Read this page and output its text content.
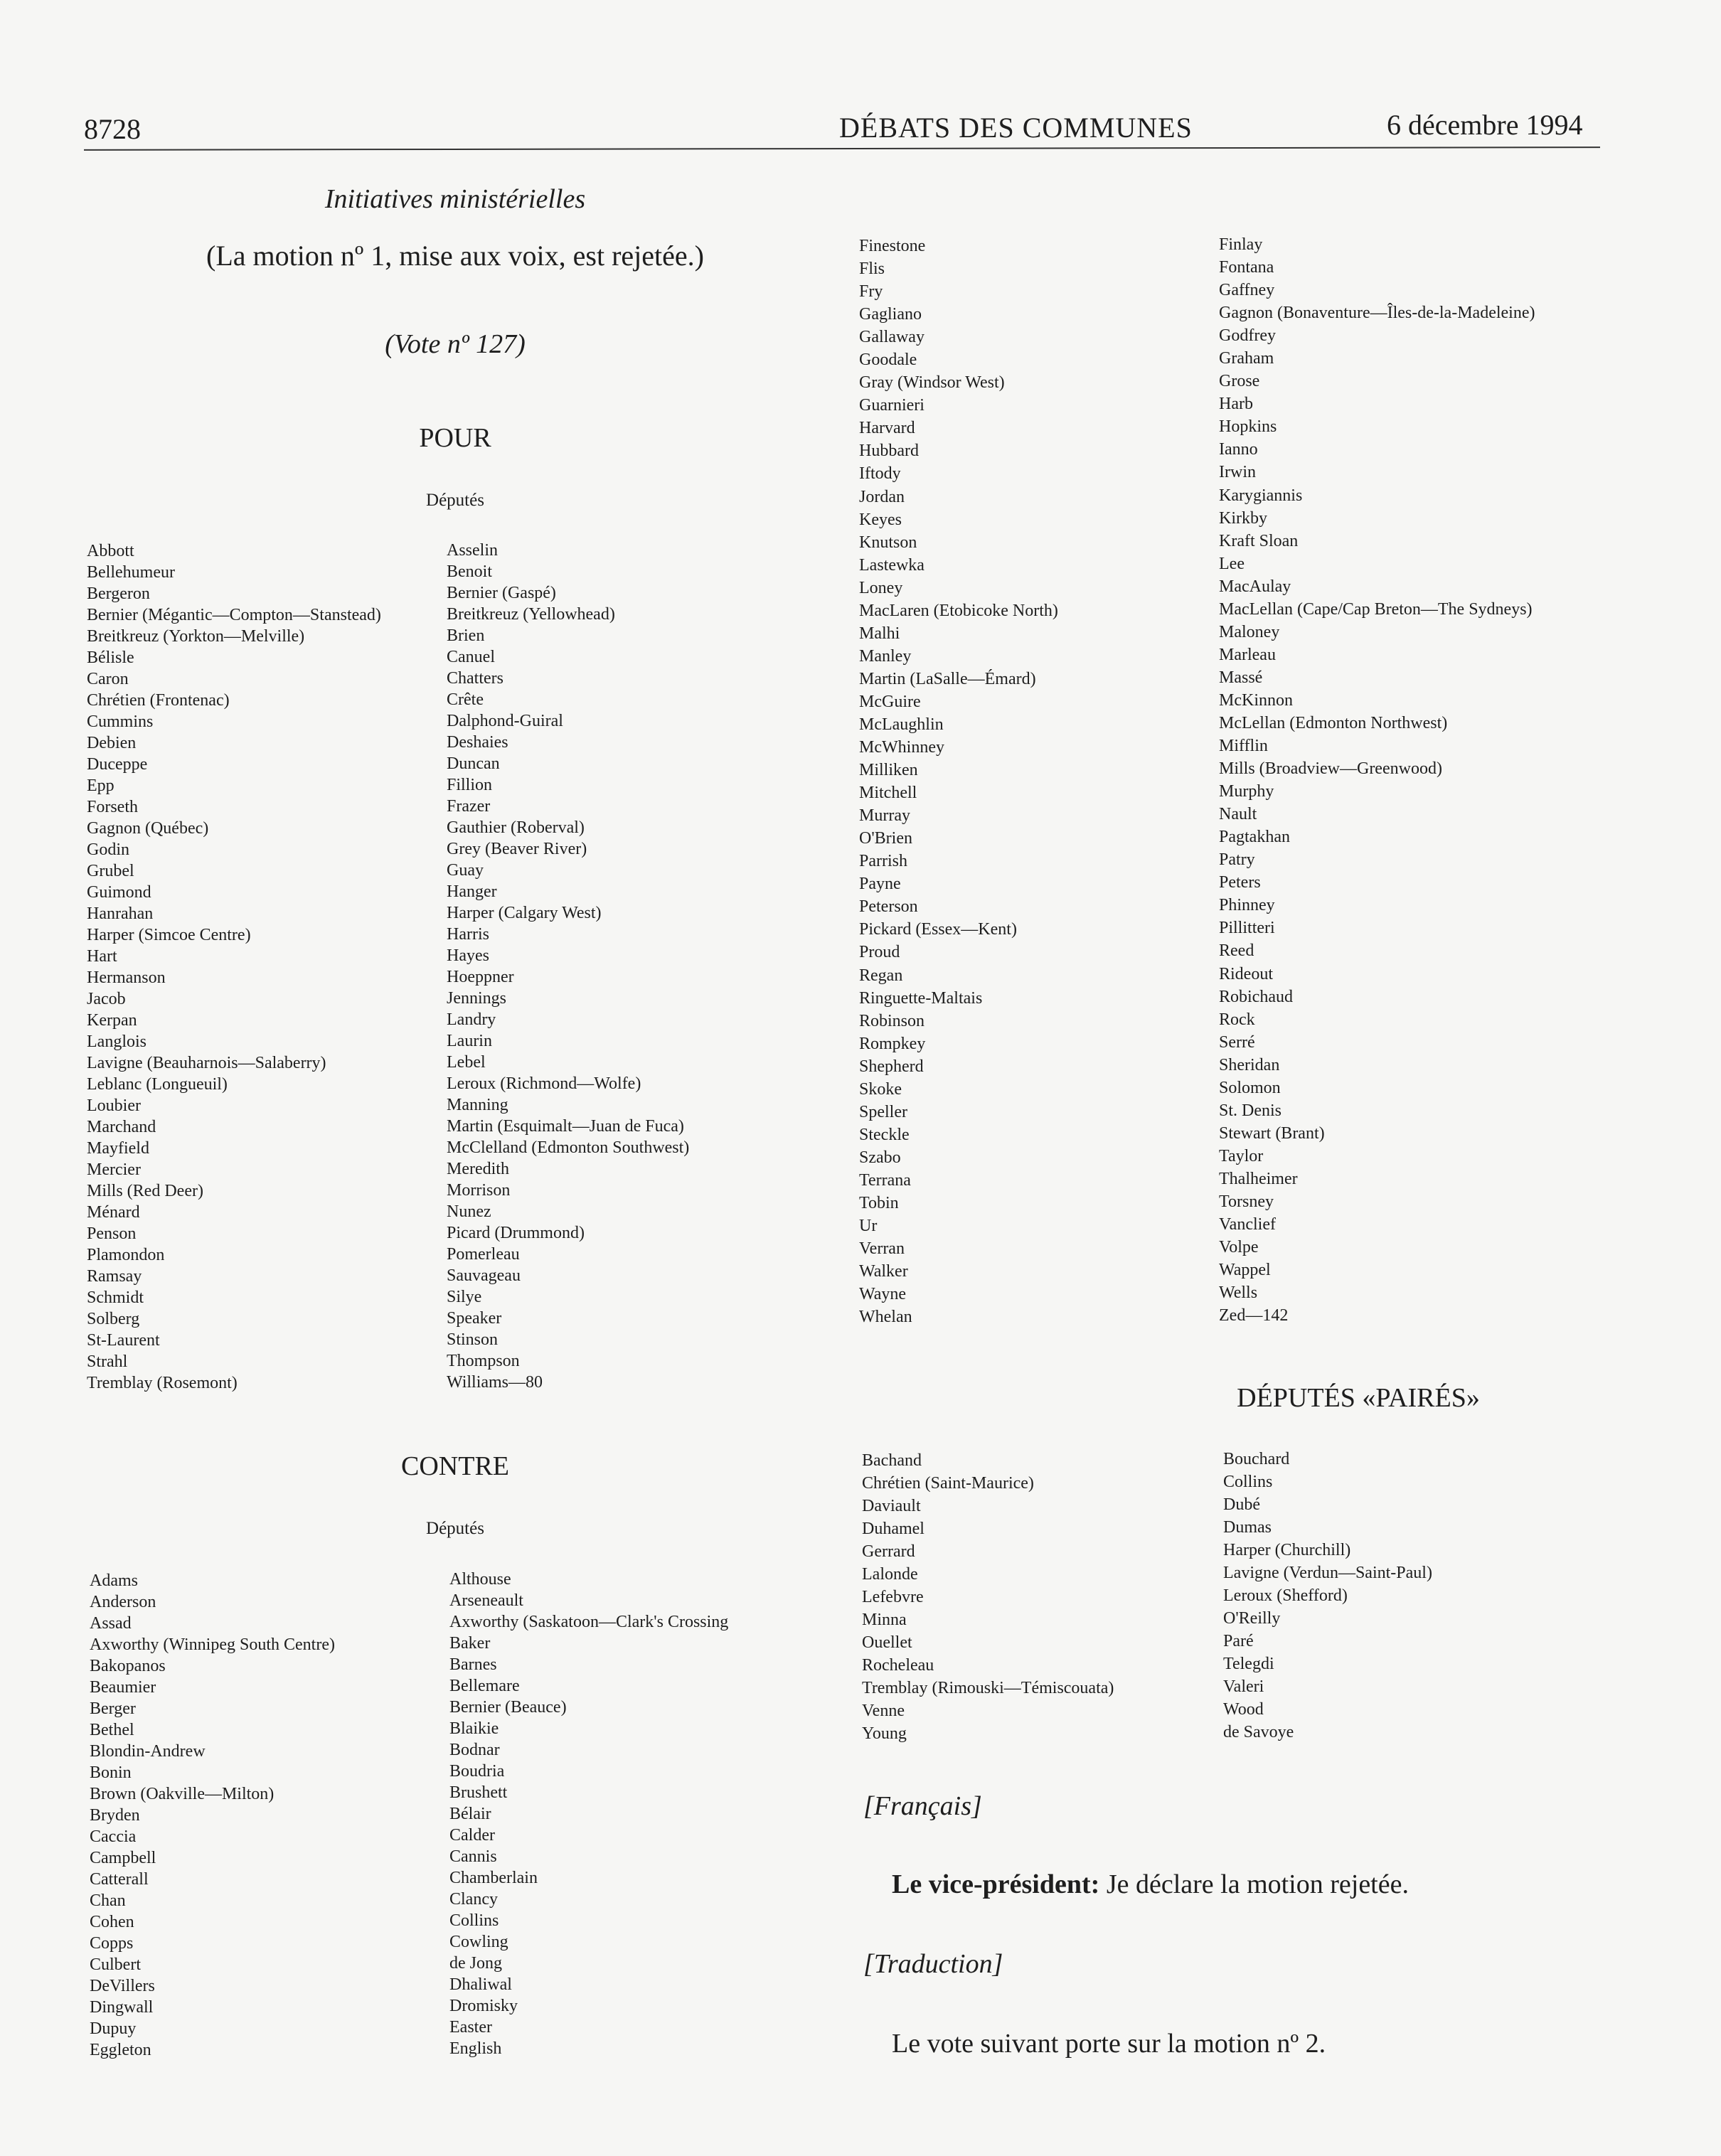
8728	DÉBATS DES COMMUNES	6 décembre 1994
Initiatives ministérielles
(La motion nº 1, mise aux voix, est rejetée.)
(Vote nº 127)
POUR
Députés
Abbott
Bellehumeur
Bergeron
Bernier (Mégantic—Compton—Stanstead)
Breitkreuz (Yorkton—Melville)
Bélisle
Caron
Chrétien (Frontenac)
Cummins
Debien
Duceppe
Epp
Forseth
Gagnon (Québec)
Godin
Grubel
Guimond
Hanrahan
Harper (Simcoe Centre)
Hart
Hermanson
Jacob
Kerpan
Langlois
Lavigne (Beauharnois—Salaberry)
Leblanc (Longueuil)
Loubier
Marchand
Mayfield
Mercier
Mills (Red Deer)
Ménard
Penson
Plamondon
Ramsay
Schmidt
Solberg
St-Laurent
Strahl
Tremblay (Rosemont)
Asselin
Benoit
Bernier (Gaspé)
Breitkreuz (Yellowhead)
Brien
Canuel
Chatters
Crête
Dalphond-Guiral
Deshaies
Duncan
Fillion
Frazer
Gauthier (Roberval)
Grey (Beaver River)
Guay
Hanger
Harper (Calgary West)
Harris
Hayes
Hoeppner
Jennings
Landry
Laurin
Lebel
Leroux (Richmond—Wolfe)
Manning
Martin (Esquimalt—Juan de Fuca)
McClelland (Edmonton Southwest)
Meredith
Morrison
Nunez
Picard (Drummond)
Pomerleau
Sauvageau
Silye
Speaker
Stinson
Thompson
Williams—80
CONTRE
Députés
Adams
Anderson
Assad
Axworthy (Winnipeg South Centre)
Bakopanos
Beaumier
Berger
Bethel
Blondin-Andrew
Bonin
Brown (Oakville—Milton)
Bryden
Caccia
Campbell
Catterall
Chan
Cohen
Copps
Culbert
DeVillers
Dingwall
Dupuy
Eggleton
Althouse
Arseneault
Axworthy (Saskatoon—Clark's Crossing
Baker
Barnes
Bellemare
Bernier (Beauce)
Blaikie
Bodnar
Boudria
Brushett
Bélair
Calder
Cannis
Chamberlain
Clancy
Collins
Cowling
de Jong
Dhaliwal
Dromisky
Easter
English
Finestone
Flis
Fry
Gagliano
Gallaway
Goodale
Gray (Windsor West)
Guarnieri
Harvard
Hubbard
Iftody
Jordan
Keyes
Knutson
Lastewka
Loney
MacLaren (Etobicoke North)
Malhi
Manley
Martin (LaSalle—Émard)
McGuire
McLaughlin
McWhinney
Milliken
Mitchell
Murray
O'Brien
Parrish
Payne
Peterson
Pickard (Essex—Kent)
Proud
Regan
Ringuette-Maltais
Robinson
Rompkey
Shepherd
Skoke
Speller
Steckle
Szabo
Terrana
Tobin
Ur
Verran
Walker
Wayne
Whelan
Finlay
Fontana
Gaffney
Gagnon (Bonaventure—Îles-de-la-Madeleine)
Godfrey
Graham
Grose
Harb
Hopkins
Ianno
Irwin
Karygiannis
Kirkby
Kraft Sloan
Lee
MacAulay
MacLellan (Cape/Cap Breton—The Sydneys)
Maloney
Marleau
Massé
McKinnon
McLellan (Edmonton Northwest)
Mifflin
Mills (Broadview—Greenwood)
Murphy
Nault
Pagtakhan
Patry
Peters
Phinney
Pillitteri
Reed
Rideout
Robichaud
Rock
Serré
Sheridan
Solomon
St. Denis
Stewart (Brant)
Taylor
Thalheimer
Torsney
Vanclief
Volpe
Wappel
Wells
Zed—142
DÉPUTÉS «PAIRÉS»
Bachand
Chrétien (Saint-Maurice)
Daviault
Duhamel
Gerrard
Lalonde
Lefebvre
Minna
Ouellet
Rocheleau
Tremblay (Rimouski—Témiscouata)
Venne
Young
Bouchard
Collins
Dubé
Dumas
Harper (Churchill)
Lavigne (Verdun—Saint-Paul)
Leroux (Shefford)
O'Reilly
Paré
Telegdi
Valeri
Wood
de Savoye
[Français]
Le vice-président: Je déclare la motion rejetée.
[Traduction]
Le vote suivant porte sur la motion nº 2.
